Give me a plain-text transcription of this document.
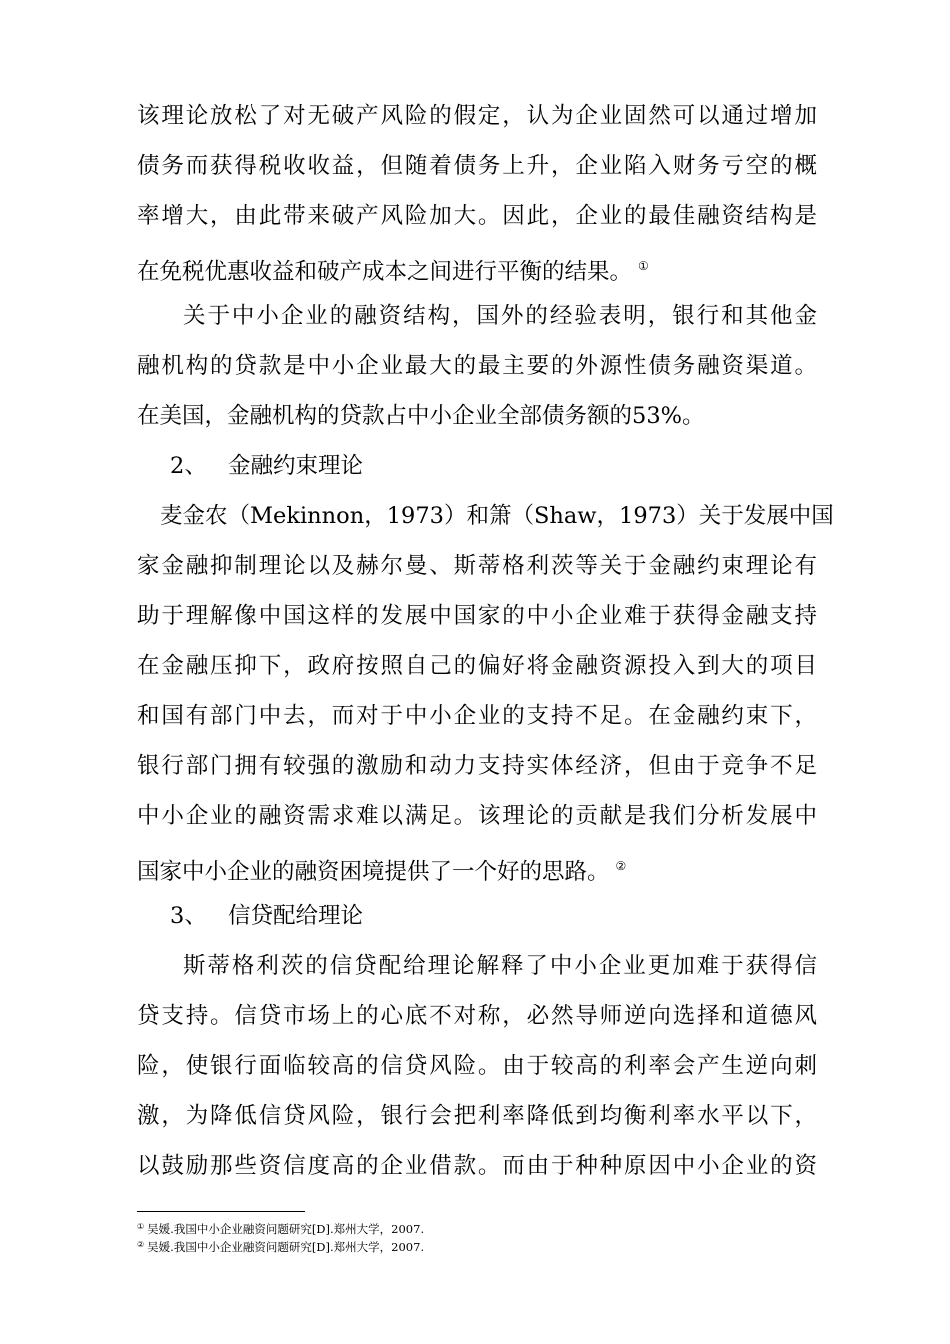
该理论放松了对无破产风险的假定，认为企业固然可以通过增加
债务而获得税收收益，但随着债务上升，企业陷入财务亏空的概
率增大，由此带来破产风险加大。因此，企业的最佳融资结构是
在免税优惠收益和破产成本之间进行平衡的结果。 ①
关于中小企业的融资结构，国外的经验表明，银行和其他金
融机构的贷款是中小企业最大的最主要的外源性债务融资渠道。
在美国，金融机构的贷款占中小企业全部债务额的53%。
2、 金融约束理论
麦金农（Mekinnon，1973）和箫（Shaw，1973）关于发展中国
家金融抑制理论以及赫尔曼、斯蒂格利茨等关于金融约束理论有
助于理解像中国这样的发展中国家的中小企业难于获得金融支持
在金融压抑下，政府按照自己的偏好将金融资源投入到大的项目
和国有部门中去，而对于中小企业的支持不足。在金融约束下，
银行部门拥有较强的激励和动力支持实体经济，但由于竞争不足
中小企业的融资需求难以满足。该理论的贡献是我们分析发展中
国家中小企业的融资困境提供了一个好的思路。 ②
3、 信贷配给理论
斯蒂格利茨的信贷配给理论解释了中小企业更加难于获得信
贷支持。信贷市场上的心底不对称，必然导师逆向选择和道德风
险，使银行面临较高的信贷风险。由于较高的利率会产生逆向刺
激，为降低信贷风险，银行会把利率降低到均衡利率水平以下，
以鼓励那些资信度高的企业借款。而由于种种原因中小企业的资
① 吴媛.我国中小企业融资问题研究[D].郑州大学，2007.
② 吴媛.我国中小企业融资问题研究[D].郑州大学，2007.
